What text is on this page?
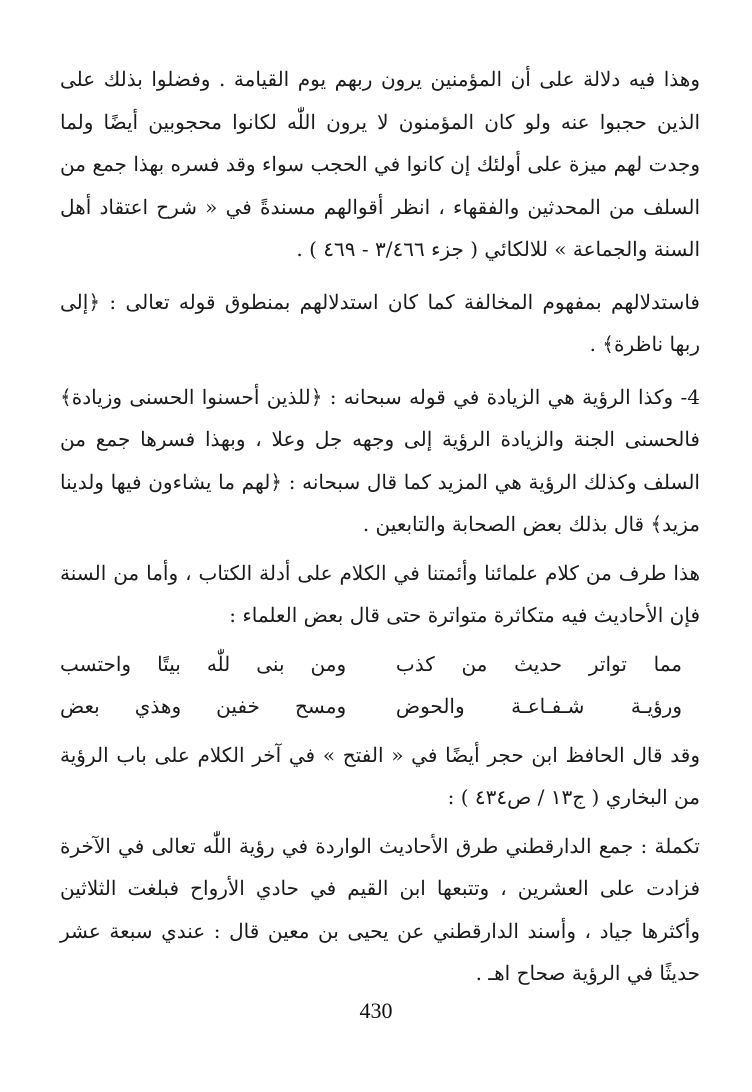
وهذا فيه دلالة على أن المؤمنين يرون ربهم يوم القيامة . وفضلوا بذلك على الذين حجبوا عنه ولو كان المؤمنون لا يرون اللّٰه لكانوا محجوبين أيضًا ولما وجدت لهم ميزة على أولئك إن كانوا في الحجب سواء وقد فسره بهذا جمع من السلف من المحدثين والفقهاء ، انظر أقوالهم مسندةً في « شرح اعتقاد أهل السنة والجماعة » للالكائي ( جزء ٣/٤٦٦ - ٤٦٩ ) .

فاستدلالهم بمفهوم المخالفة كما كان استدلالهم بمنطوق قوله تعالى : ﴿إلى ربها ناظرة﴾ .

4- وكذا الرؤية هي الزيادة في قوله سبحانه : ﴿للذين أحسنوا الحسنى وزيادة﴾ فالحسنى الجنة والزيادة الرؤية إلى وجهه جل وعلا ، وبهذا فسرها جمع من السلف وكذلك الرؤية هي المزيد كما قال سبحانه : ﴿لهم ما يشاءون فيها ولدينا مزيد﴾ قال بذلك بعض الصحابة والتابعين .

هذا طرف من كلام علمائنا وأئمتنا في الكلام على أدلة الكتاب ، وأما من السنة فإن الأحاديث فيه متكاثرة متواترة حتى قال بعض العلماء :

مما تواتر حديث من كذب
ومن بنى للّٰه بيتًا واحتسب
ورؤيـة شـفـاعـة والحوض
ومسح خفين وهذي بعض

وقد قال الحافظ ابن حجر أيضًا في « الفتح » في آخر الكلام على باب الرؤية من البخاري ( ج١٣ / ص٤٣٤ ) :

تكملة : جمع الدارقطني طرق الأحاديث الواردة في رؤية اللّٰه تعالى في الآخرة فزادت على العشرين ، وتتبعها ابن القيم في حادي الأرواح فبلغت الثلاثين وأكثرها جياد ، وأسند الدارقطني عن يحيى بن معين قال : عندي سبعة عشر حديثًا في الرؤية صحاح اهـ .

430
